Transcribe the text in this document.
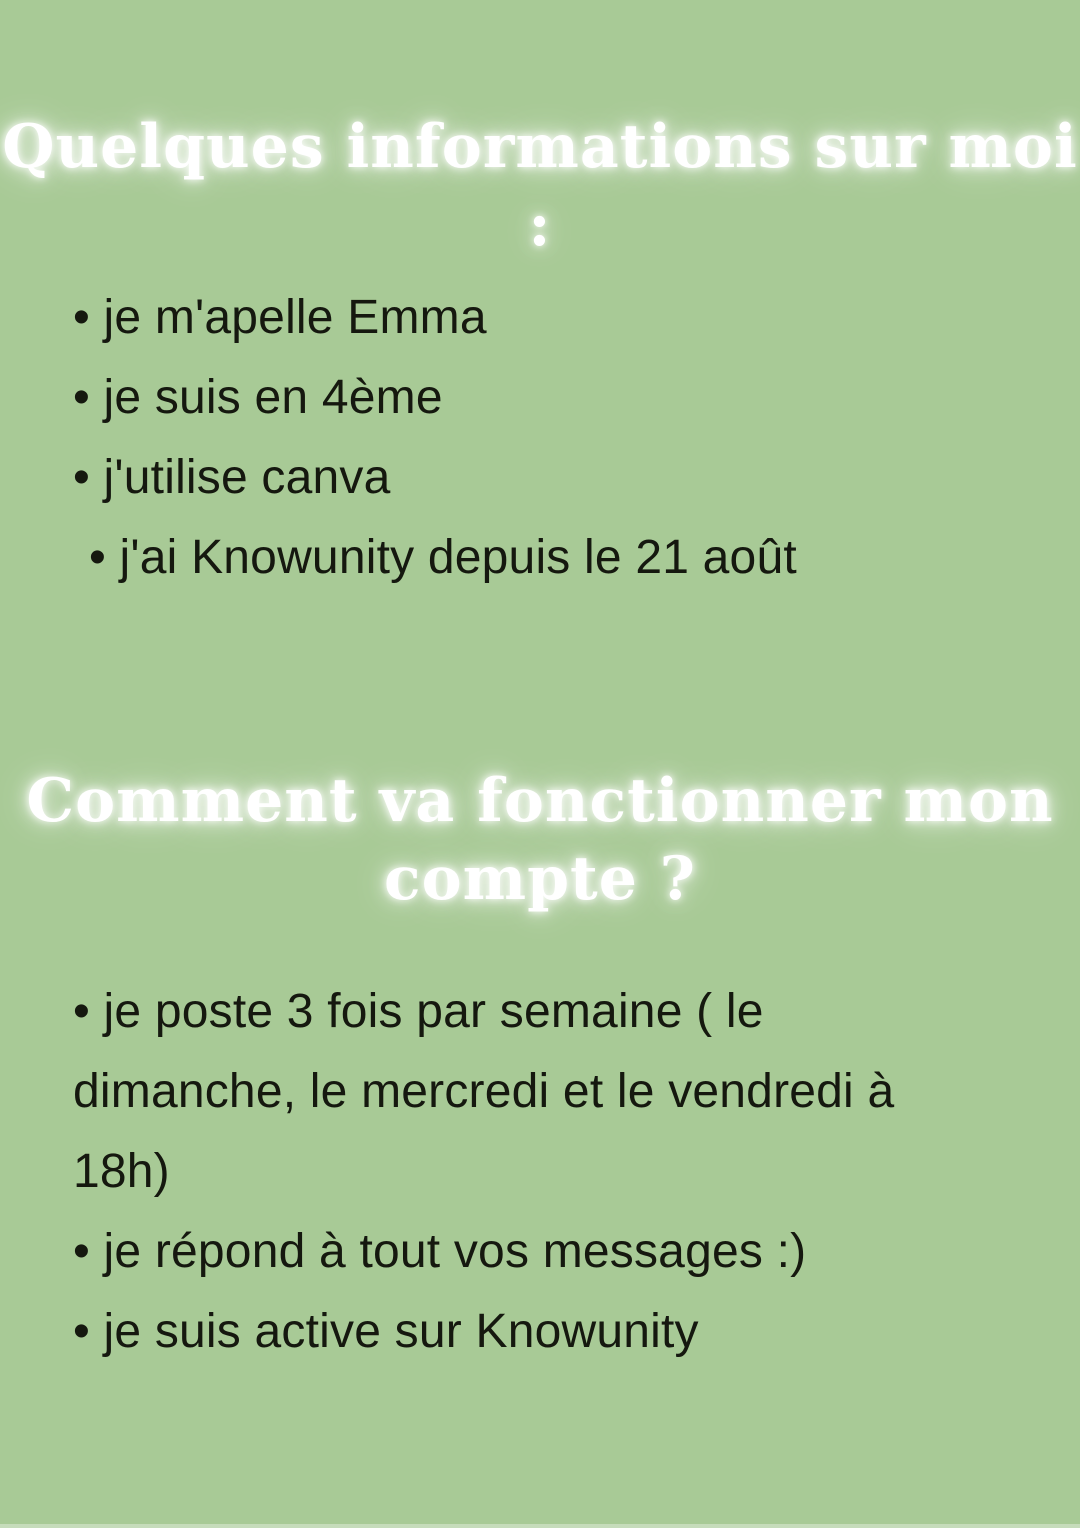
Quelques informations sur moi :
• je m'apelle Emma
• je suis en 4ème
• j'utilise canva
• j'ai Knowunity depuis le 21 août
Comment va fonctionner mon
compte ?
• je poste 3 fois par semaine ( le
dimanche, le mercredi et le vendredi à
18h)
• je répond à tout vos messages :)
• je suis active sur Knowunity
